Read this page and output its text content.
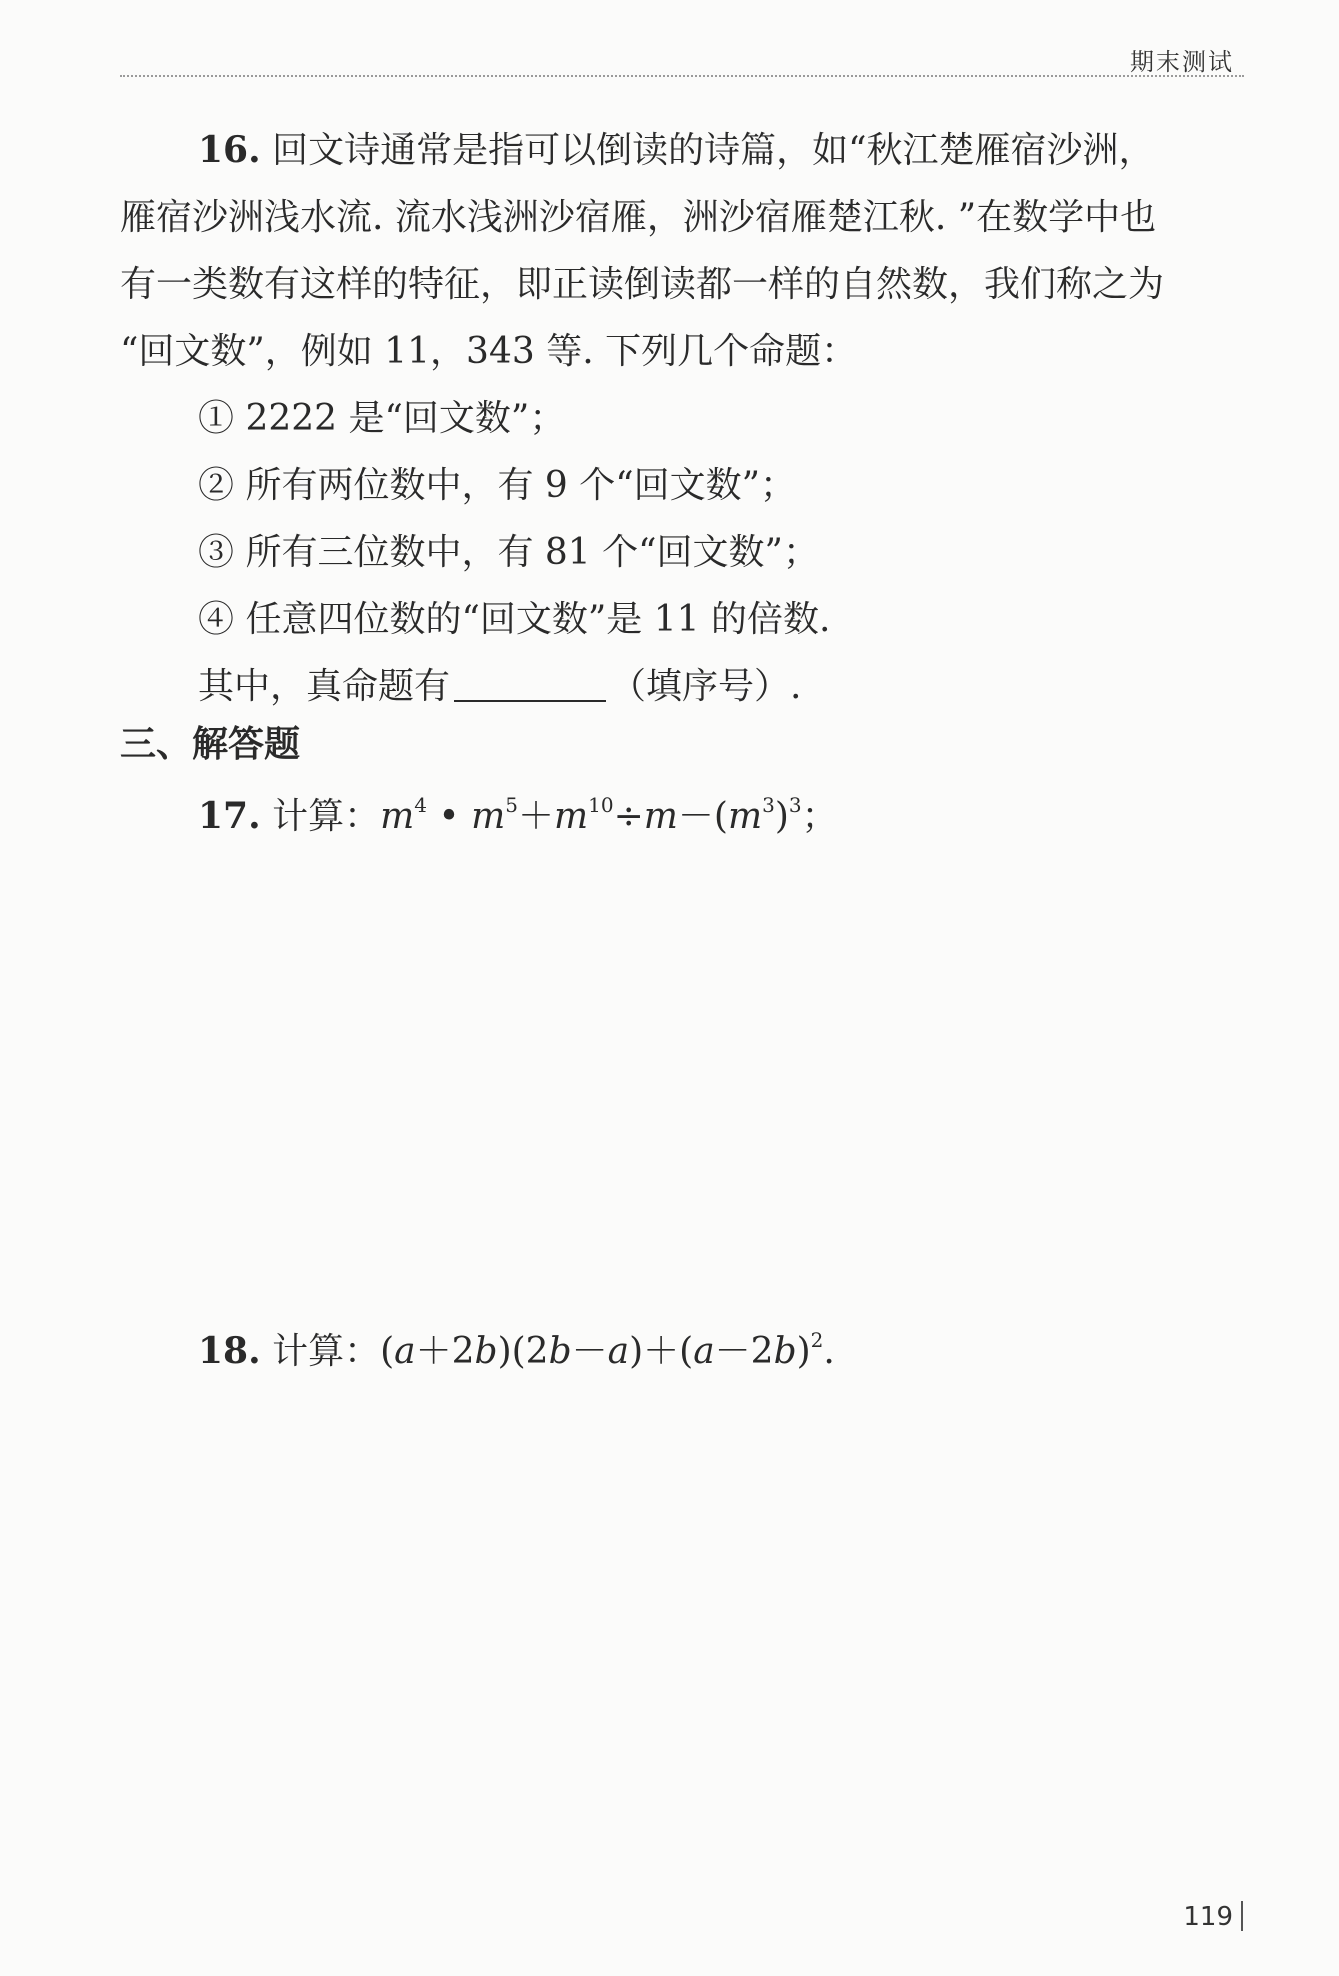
期末测试
16. 回文诗通常是指可以倒读的诗篇，如“秋江楚雁宿沙洲，
雁宿沙洲浅水流. 流水浅洲沙宿雁，洲沙宿雁楚江秋. ”在数学中也
有一类数有这样的特征，即正读倒读都一样的自然数，我们称之为
“回文数”，例如 11，343 等. 下列几个命题：
① 2222 是“回文数”；
② 所有两位数中，有 9 个“回文数”；
③ 所有三位数中，有 81 个“回文数”；
④ 任意四位数的“回文数”是 11 的倍数.
其中，真命题有	（填序号）.
三、解答题
17. 计算：$m^4$ • $m^5+m^{10}\div m-(m^3)^3$；
18. 计算：$(a+2b)(2b-a)+(a-2b)^2$.
119
